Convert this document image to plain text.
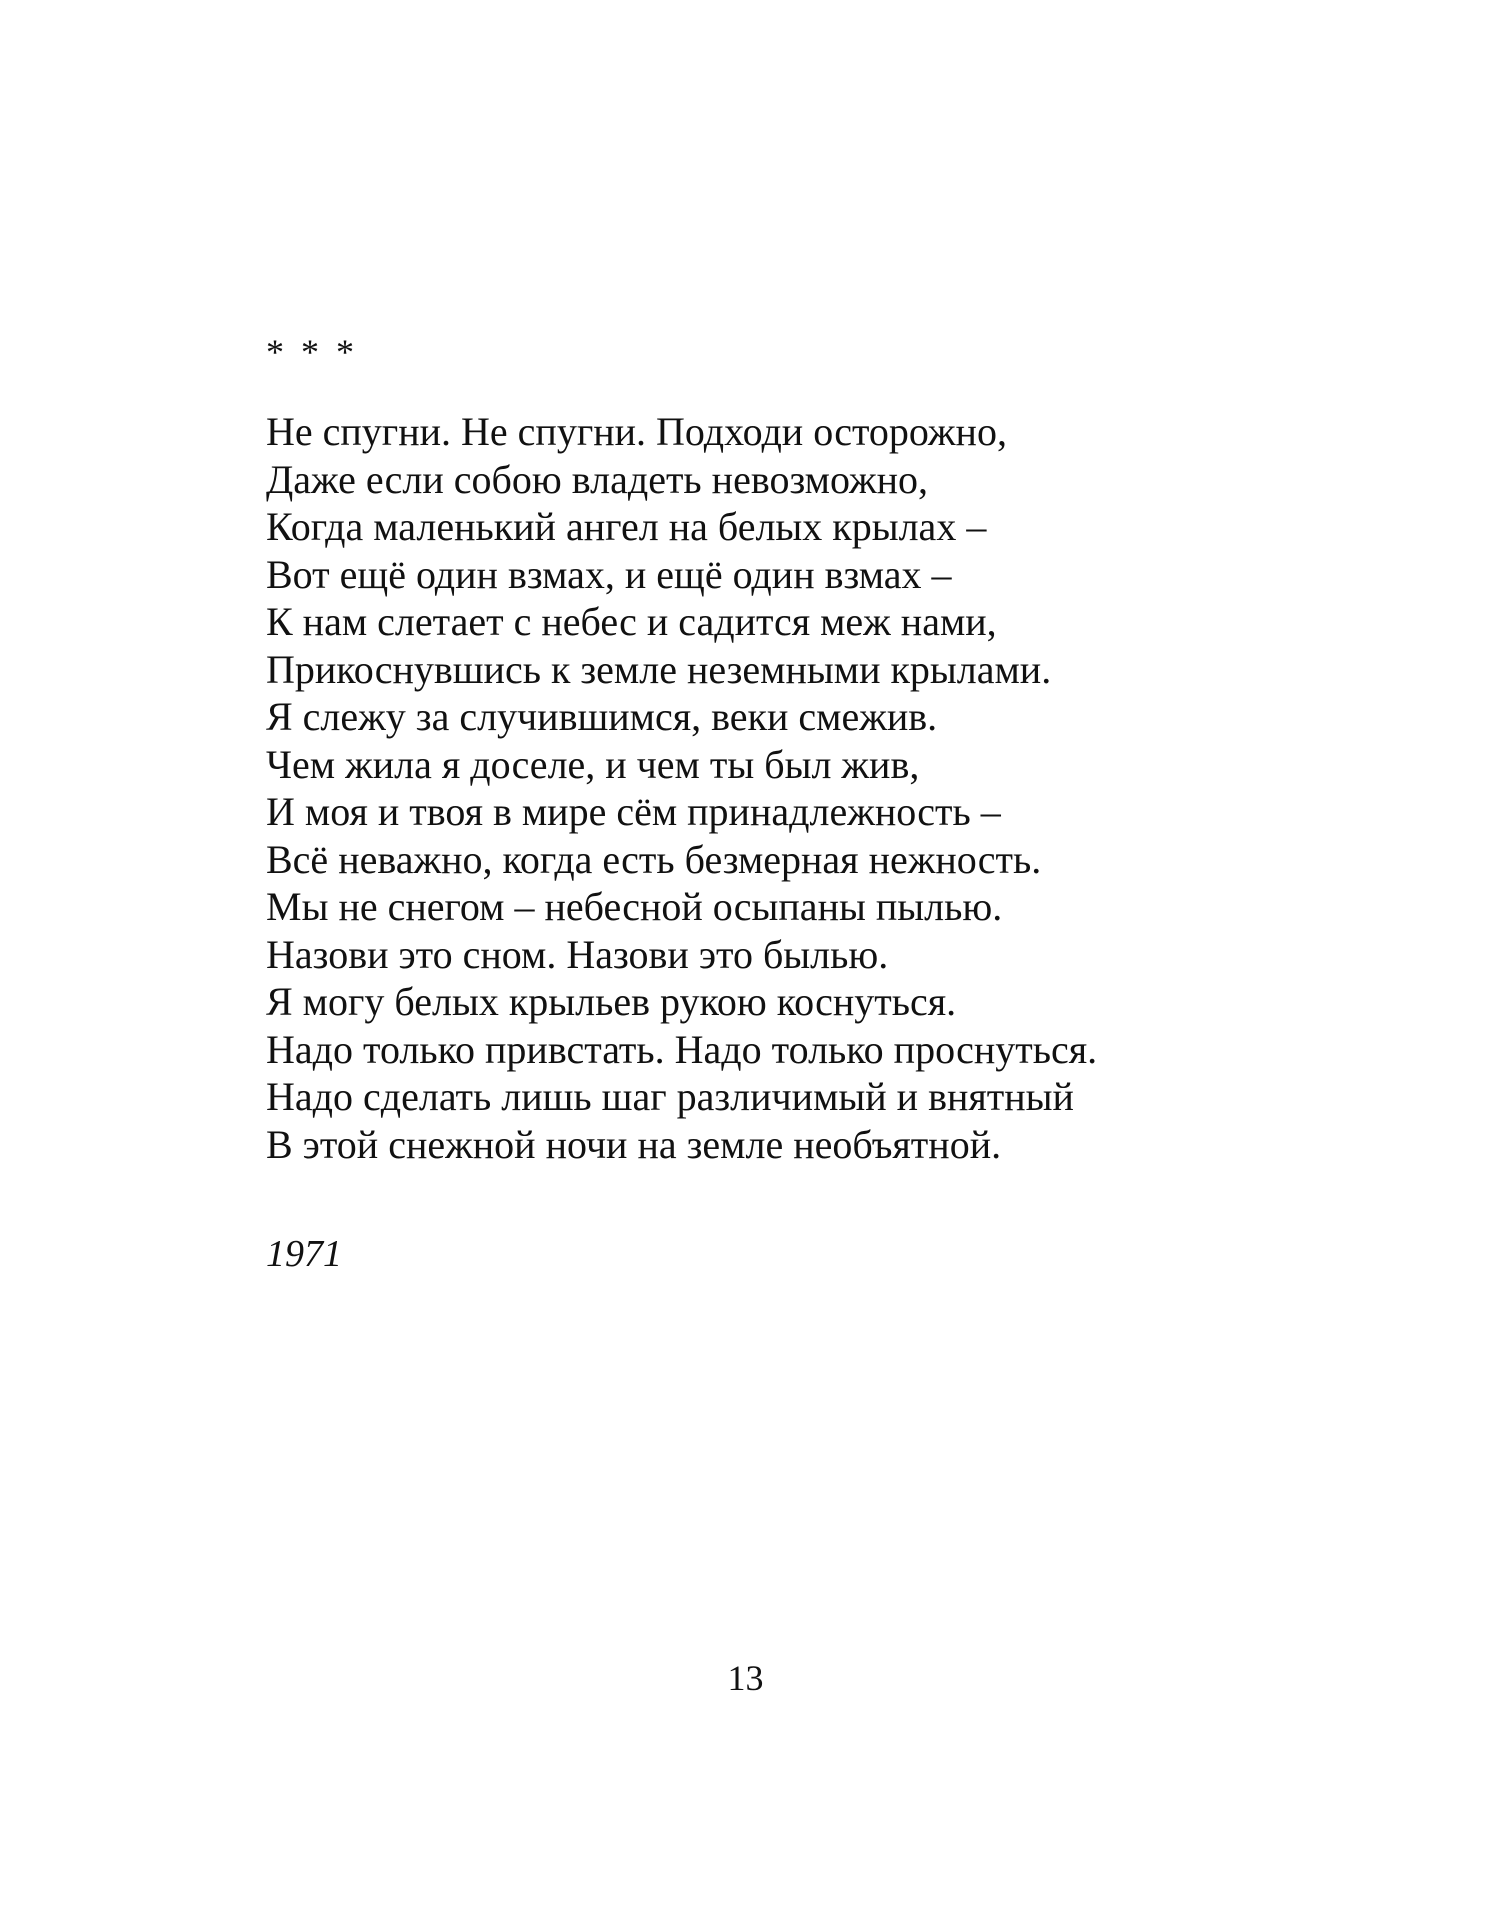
* * *
Не спугни. Не спугни. Подходи осторожно,
Даже если собою владеть невозможно,
Когда маленький ангел на белых крылах –
Вот ещё один взмах, и ещё один взмах –
К нам слетает с небес и садится меж нами,
Прикоснувшись к земле неземными крылами.
Я слежу за случившимся, веки смежив.
Чем жила я доселе, и чем ты был жив,
И моя и твоя в мире сём принадлежность –
Всё неважно, когда есть безмерная нежность.
Мы не снегом – небесной осыпаны пылью.
Назови это сном. Назови это былью.
Я могу белых крыльев рукою коснуться.
Надо только привстать. Надо только проснуться.
Надо сделать лишь шаг различимый и внятный
В этой снежной ночи на земле необъятной.
1971
13
